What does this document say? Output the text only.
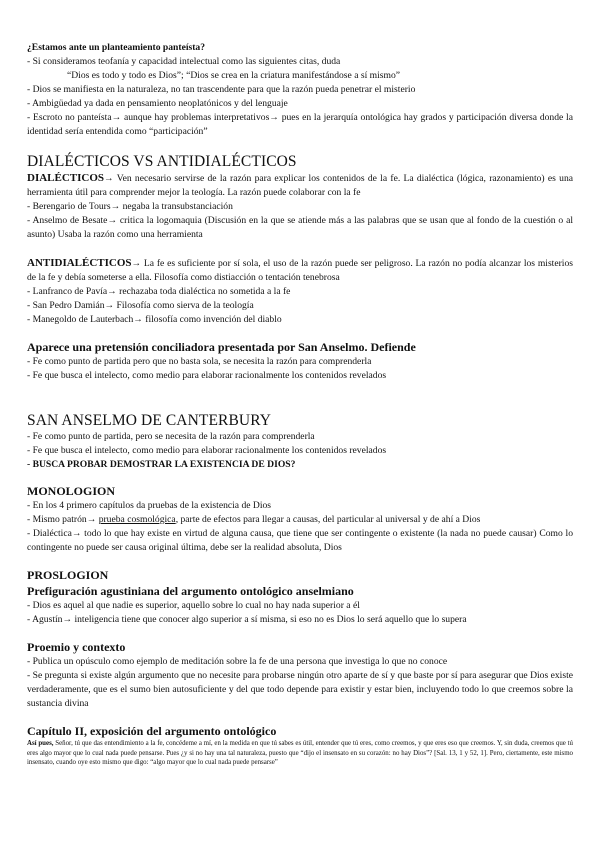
¿Estamos ante un planteamiento panteísta?

- Si consideramos teofanía y capacidad intelectual como las siguientes citas, duda

“Dios es todo y todo es Dios”; “Dios se crea en la criatura manifestándose a sí mismo”

- Dios se manifiesta en la naturaleza, no tan trascendente para que la razón pueda penetrar el misterio

- Ambigüedad ya dada en pensamiento neoplatónicos y del lenguaje

- Escroto no panteísta→ aunque hay problemas interpretativos→ pues en la jerarquía ontológica hay grados y participación diversa donde la identidad sería entendida como “participación”

DIALÉCTICOS VS ANTIDIALÉCTICOS

DIALÉCTICOS→ Ven necesario servirse de la razón para explicar los contenidos de la fe. La dialéctica (lógica, razonamiento) es una herramienta útil para comprender mejor la teología. La razón puede colaborar con la fe

- Berengario de Tours→ negaba la transubstanciación

- Anselmo de Besate→ critica la logomaquia (Discusión en la que se atiende más a las palabras que se usan que al fondo de la cuestión o al asunto) Usaba la razón como una herramienta

ANTIDIALÉCTICOS→ La fe es suficiente por sí sola, el uso de la razón puede ser peligroso. La razón no podía alcanzar los misterios de la fe y debía someterse a ella. Filosofía como distiacción o tentación tenebrosa

- Lanfranco de Pavía→ rechazaba toda dialéctica no sometida a la fe

- San Pedro Damián→ Filosofía como sierva de la teología

- Manegoldo de Lauterbach→ filosofía como invención del diablo

Aparece una pretensión conciliadora presentada por San Anselmo. Defiende

- Fe como punto de partida pero que no basta sola, se necesita la razón para comprenderla

- Fe que busca el intelecto, como medio para elaborar racionalmente los contenidos revelados

SAN ANSELMO DE CANTERBURY

- Fe como punto de partida, pero se necesita de la razón para comprenderla

- Fe que busca el intelecto, como medio para elaborar racionalmente los contenidos revelados

- BUSCA PROBAR DEMOSTRAR LA EXISTENCIA DE DIOS?

MONOLOGION

- En los 4 primero capítulos da pruebas de la existencia de Dios

- Mismo patrón→ prueba cosmológica, parte de efectos para llegar a causas, del particular al universal y de ahí a Dios

- Dialéctica→ todo lo que hay existe en virtud de alguna causa, que tiene que ser contingente o existente (la nada no puede causar) Como lo contingente no puede ser causa original última, debe ser la realidad absoluta, Dios

PROSLOGION

Prefiguración agustiniana del argumento ontológico anselmiano

- Dios es aquel al que nadie es superior, aquello sobre lo cual no hay nada superior a él

- Agustín→ inteligencia tiene que conocer algo superior a sí misma, si eso no es Dios lo será aquello que lo supera

Proemio y contexto

- Publica un opúsculo como ejemplo de meditación sobre la fe de una persona que investiga lo que no conoce

- Se pregunta si existe algún argumento que no necesite para probarse ningún otro aparte de sí y que baste por sí para asegurar que Dios existe verdaderamente, que es el sumo bien autosuficiente y del que todo depende para existir y estar bien, incluyendo todo lo que creemos sobre la sustancia divina

Capítulo II, exposición del argumento ontológico

Así pues, Señor, tú que das entendimiento a la fe, concédeme a mí, en la medida en que tú sabes es útil, entender que tú eres, como creemos, y que eres eso que creemos. Y, sin duda, creemos que tú eres algo mayor que lo cual nada puede pensarse. Pues ¿y si no hay una tal naturaleza, puesto que “dijo el insensato en su corazón: no hay Dios”? [Sal. 13, 1 y 52, 1]. Pero, ciertamente, este mismo insensato, cuando oye esto mismo que digo: “algo mayor que lo cual nada puede pensarse”
